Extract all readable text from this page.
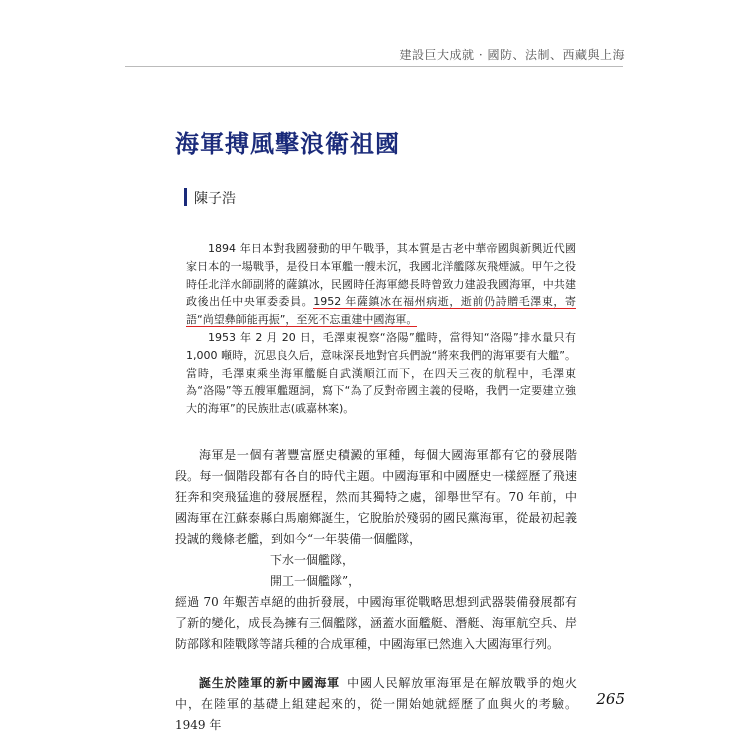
建設巨大成就 · 國防、法制、西藏與上海
海軍搏風擊浪衛祖國
陳子浩

1894 年日本對我國發動的甲午戰爭，其本質是古老中華帝國與新興近代國家日本的一場戰爭，是役日本軍艦一艘未沉，我國北洋艦隊灰飛煙滅。甲午之役時任北洋水師副將的薩鎮冰，民國時任海軍總長時曾致力建設我國海軍，中共建政後出任中央軍委委員。1952 年薩鎮冰在福州病逝，逝前仍詩贈毛澤東，寄語“尚望彝師能再振”，至死不忘重建中國海軍。

1953 年 2 月 20 日，毛澤東視察“洛陽”艦時，當得知“洛陽”排水量只有 1,000 噸時，沉思良久后，意味深長地對官兵們說“將來我們的海軍要有大艦”。當時，毛澤東乘坐海軍艦艇自武漢順江而下，在四天三夜的航程中，毛澤東為“洛陽”等五艘軍艦題詞，寫下“為了反對帝國主義的侵略，我們一定要建立強大的海軍”的民族壯志(戚嘉林案)。

海軍是一個有著豐富歷史積澱的軍種，每個大國海軍都有它的發展階段。每一個階段都有各自的時代主題。中國海軍和中國歷史一樣經歷了飛速狂奔和突飛猛進的發展歷程，然而其獨特之處，卻舉世罕有。70 年前，中國海軍在江蘇泰縣白馬廟鄉誕生，它脫胎於殘弱的國民黨海軍，從最初起義投誠的幾條老艦，到如今“一年裝備一個艦隊，

下水一個艦隊，
開工一個艦隊”，

經過 70 年艱苦卓絕的曲折發展，中國海軍從戰略思想到武器裝備發展都有了新的變化，成長為擁有三個艦隊，涵蓋水面艦艇、潛艇、海軍航空兵、岸防部隊和陸戰隊等諸兵種的合成軍種，中國海軍已然進入大國海軍行列。

誕生於陸軍的新中國海軍 中國人民解放軍海軍是在解放戰爭的炮火中，在陸軍的基礎上組建起來的，從一開始她就經歷了血與火的考驗。1949 年

265
